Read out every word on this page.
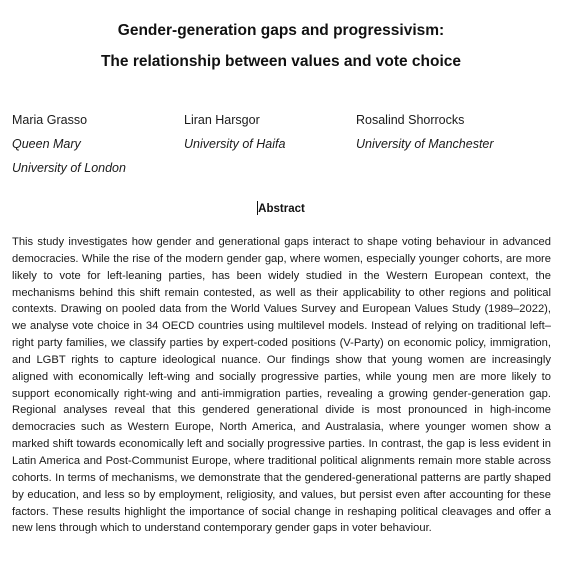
Gender-generation gaps and progressivism:
The relationship between values and vote choice
Maria Grasso
Queen Mary
University of London
Liran Harsgor
University of Haifa
Rosalind Shorrocks
University of Manchester
Abstract

This study investigates how gender and generational gaps interact to shape voting behaviour in advanced democracies. While the rise of the modern gender gap, where women, especially younger cohorts, are more likely to vote for left-leaning parties, has been widely studied in the Western European context, the mechanisms behind this shift remain contested, as well as their applicability to other regions and political contexts. Drawing on pooled data from the World Values Survey and European Values Study (1989–2022), we analyse vote choice in 34 OECD countries using multilevel models. Instead of relying on traditional left–right party families, we classify parties by expert-coded positions (V-Party) on economic policy, immigration, and LGBT rights to capture ideological nuance. Our findings show that young women are increasingly aligned with economically left-wing and socially progressive parties, while young men are more likely to support economically right-wing and anti-immigration parties, revealing a growing gender-generation gap. Regional analyses reveal that this gendered generational divide is most pronounced in high-income democracies such as Western Europe, North America, and Australasia, where younger women show a marked shift towards economically left and socially progressive parties. In contrast, the gap is less evident in Latin America and Post-Communist Europe, where traditional political alignments remain more stable across cohorts. In terms of mechanisms, we demonstrate that the gendered-generational patterns are partly shaped by education, and less so by employment, religiosity, and values, but persist even after accounting for these factors. These results highlight the importance of social change in reshaping political cleavages and offer a new lens through which to understand contemporary gender gaps in voter behaviour.
